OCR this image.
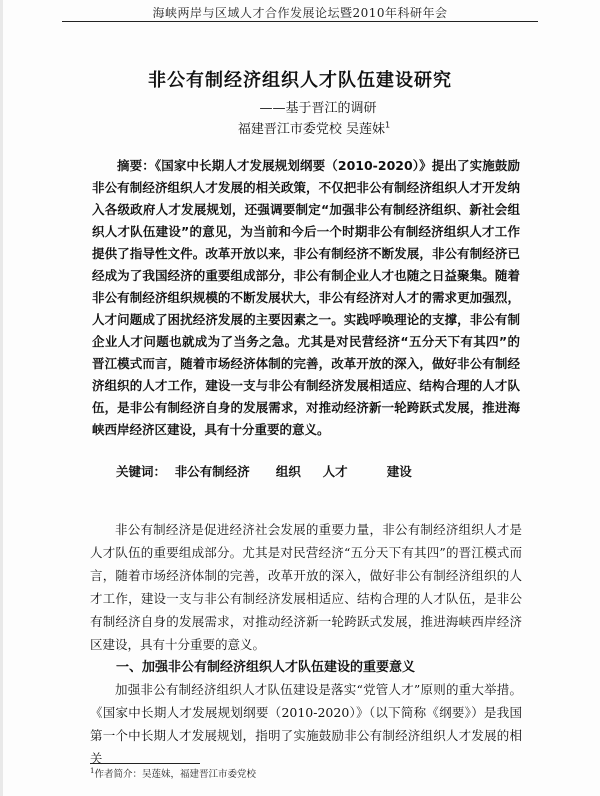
海峡两岸与区域人才合作发展论坛暨2010年科研年会
非公有制经济组织人才队伍建设研究
——基于晋江的调研
福建晋江市委党校 吴莲妹$^1$
摘要：《国家中长期人才发展规划纲要（2010-2020）》提出了实施鼓励非公有制经济组织人才发展的相关政策，不仅把非公有制经济组织人才开发纳入各级政府人才发展规划，还强调要制定“加强非公有制经济组织、新社会组织人才队伍建设”的意见，为当前和今后一个时期非公有制经济组织人才工作提供了指导性文件。改革开放以来，非公有制经济不断发展，非公有制经济已经成为了我国经济的重要组成部分，非公有制企业人才也随之日益聚集。随着非公有制经济组织规模的不断发展状大，非公有经济对人才的需求更加强烈，人才问题成了困扰经济发展的主要因素之一。实践呼唤理论的支撑，非公有制企业人才问题也就成为了当务之急。尤其是对民营经济“五分天下有其四”的晋江模式而言，随着市场经济体制的完善，改革开放的深入，做好非公有制经济组织的人才工作，建设一支与非公有制经济发展相适应、结构合理的人才队伍，是非公有制经济自身的发展需求，对推动经济新一轮跨跃式发展，推进海峡西岸经济区建设，具有十分重要的意义。
关键词：  非公有制经济      组织     人才         建设
非公有制经济是促进经济社会发展的重要力量，非公有制经济组织人才是人才队伍的重要组成部分。尤其是对民营经济“五分天下有其四”的晋江模式而言，随着市场经济体制的完善，改革开放的深入，做好非公有制经济组织的人才工作，建设一支与非公有制经济发展相适应、结构合理的人才队伍，是非公有制经济自身的发展需求，对推动经济新一轮跨跃式发展，推进海峡西岸经济区建设，具有十分重要的意义。
一、加强非公有制经济组织人才队伍建设的重要意义
加强非公有制经济组织人才队伍建设是落实“党管人才”原则的重大举措。《国家中长期人才发展规划纲要（2010-2020）》（以下简称《纲要》）是我国第一个中长期人才发展规划，指明了实施鼓励非公有制经济组织人才发展的相关
$^1$作者简介：吴莲妹，福建晋江市委党校
